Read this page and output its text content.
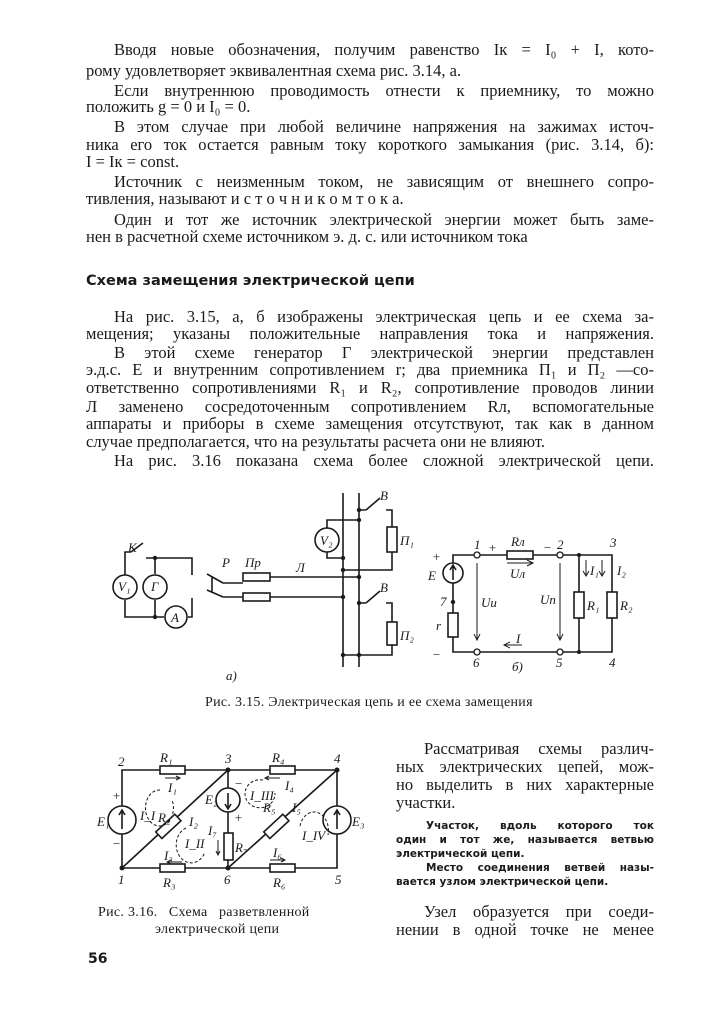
Вводя новые обозначения, получим равенство Iк = I₀ + I, кото-
рому удовлетворяет эквивалентная схема рис. 3.14, а.
Если внутреннюю проводимость отнести к приемнику, то можно
положить g = 0 и I₀ = 0.
В этом случае при любой величине напряжения на зажимах источ-
ника его ток остается равным току короткого замыкания (рис. 3.14, б):
I = Iк = const.
Источник с неизменным током, не зависящим от внешнего сопро-
тивления, называют и с т о ч н и к о м т о к а.
Один и тот же источник электрической энергии может быть заме-
нен в расчетной схеме источником э. д. с. или источником тока
Схема замещения электрической цепи
На рис. 3.15, а, б изображены электрическая цепь и ее схема за-
мещения; указаны положительные направления тока и напряжения.
В этой схеме генератор Г электрической энергии представлен
э.д.с. E и внутренним сопротивлением r; два приемника П₁ и П₂ —со-
ответственно сопротивлениями R₁ и R₂, сопротивление проводов линии
Л заменено сосредоточенным сопротивлением Rл, вспомогательные
аппараты и приборы в схеме замещения отсутствуют, так как в данном
случае предполагается, что на результаты расчета они не влияют.
На рис. 3.16 показана схема более сложной электрической цепи.
K
V₁ Г
A
P Пр	Л
V₂
B
B
П₁
П₂
а)
+
−
E
7
r
1 + Rл − 2	3
Uл
Uи	Uп
I
I₁ I₂
R₁ R₂
6	5	4
б)
2	3	4
1	6	5
R₁	R₄
R₃	R₆
R₂
R₅
R₇
E₁
E₂
E₃
I₁
I₂
I₃
I₄
I₅
I₆
I₇
I_I
I_II
I_III
I_IV
+
−
+
−
Рис. 3.15. Электрическая цепь и ее схема замещения
Рис. 3.16.   Схема   разветвленной
электрической цепи
Рассматривая схемы различ-
ных электрических цепей, мож-
но выделить в них характерные
участки.
Участок, вдоль которого ток
один и тот же, называется ветвью
электрической цепи.
Место соединения ветвей назы-
вается узлом электрической цепи.
Узел образуется при соеди-
нении в одной точке не менее
56
